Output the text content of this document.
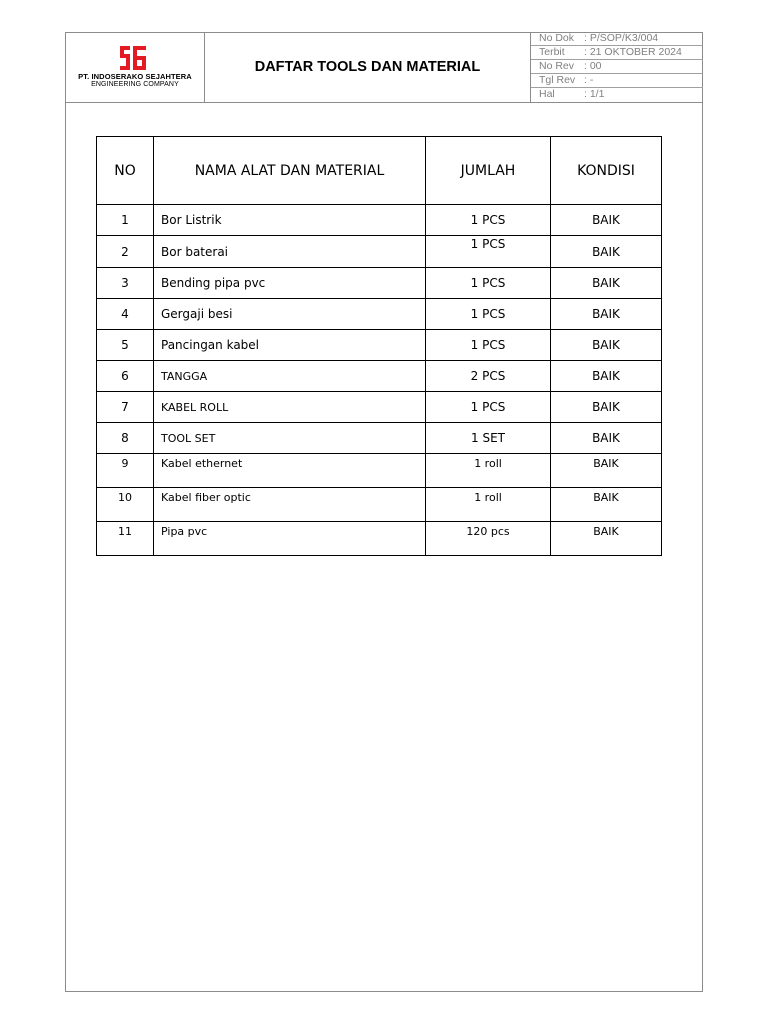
PT. INDOSERAKO SEJAHTERA
ENGINEERING COMPANY
DAFTAR TOOLS DAN MATERIAL
No Dok : P/SOP/K3/004
Terbit : 21 OKTOBER 2024
No Rev : 00
Tgl Rev : -
Hal	: 1/1
NO	NAMA ALAT DAN MATERIAL	JUMLAH	KONDISI
1	Bor Listrik	1 PCS	BAIK
2	Bor baterai	1 PCS	BAIK
3	Bending pipa pvc	1 PCS	BAIK
4	Gergaji besi	1 PCS	BAIK
5	Pancingan kabel	1 PCS	BAIK
6	TANGGA	2 PCS	BAIK
7	KABEL ROLL	1 PCS	BAIK
8	TOOL SET	1 SET	BAIK
9	Kabel ethernet	1 roll	BAIK
10	Kabel fiber optic	1 roll	BAIK
11	Pipa pvc	120 pcs	BAIK
